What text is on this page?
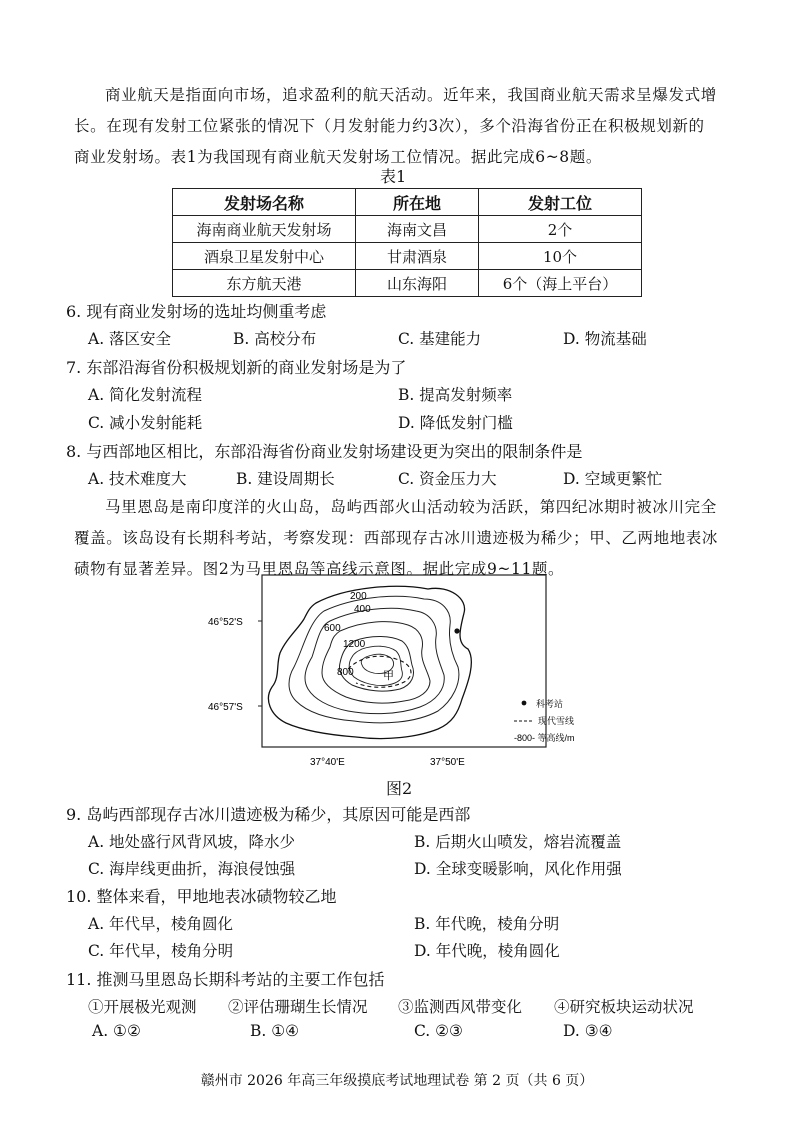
商业航天是指面向市场，追求盈利的航天活动。近年来，我国商业航天需求呈爆发式增
长。在现有发射工位紧张的情况下（月发射能力约3次），多个沿海省份正在积极规划新的
商业发射场。表1为我国现有商业航天发射场工位情况。据此完成6~8题。
表1
发射场名称	所在地	发射工位
海南商业航天发射场	海南文昌	2个
酒泉卫星发射中心	甘肃酒泉	10个
东方航天港	山东海阳	6个（海上平台）
6. 现有商业发射场的选址均侧重考虑
A. 落区安全	B. 高校分布	C. 基建能力	D. 物流基础
7. 东部沿海省份积极规划新的商业发射场是为了
A. 简化发射流程	B. 提高发射频率
C. 减小发射能耗	D. 降低发射门槛
8. 与西部地区相比，东部沿海省份商业发射场建设更为突出的限制条件是
A. 技术难度大	B. 建设周期长	C. 资金压力大	D. 空域更繁忙
马里恩岛是南印度洋的火山岛，岛屿西部火山活动较为活跃，第四纪冰期时被冰川完全
覆盖。该岛设有长期科考站，考察发现：西部现存古冰川遗迹极为稀少；甲、乙两地地表冰
碛物有显著差异。图2为马里恩岛等高线示意图。据此完成9~11题。
200
400
600
1200
800	甲
46°52'S
46°57'S
37°40'E	37°50'E
科考站
现代雪线
-800- 等高线/m
图2
9. 岛屿西部现存古冰川遗迹极为稀少，其原因可能是西部
A. 地处盛行风背风坡，降水少	B. 后期火山喷发，熔岩流覆盖
C. 海岸线更曲折，海浪侵蚀强	D. 全球变暖影响，风化作用强
10. 整体来看，甲地地表冰碛物较乙地
A. 年代早，棱角圆化	B. 年代晚，棱角分明
C. 年代早，棱角分明	D. 年代晚，棱角圆化
11. 推测马里恩岛长期科考站的主要工作包括
①开展极光观测 ②评估珊瑚生长情况 ③监测西风带变化 ④研究板块运动状况
A. ①②	B. ①④	C. ②③	D. ③④
赣州市 2026 年高三年级摸底考试地理试卷 第 2 页（共 6 页）
